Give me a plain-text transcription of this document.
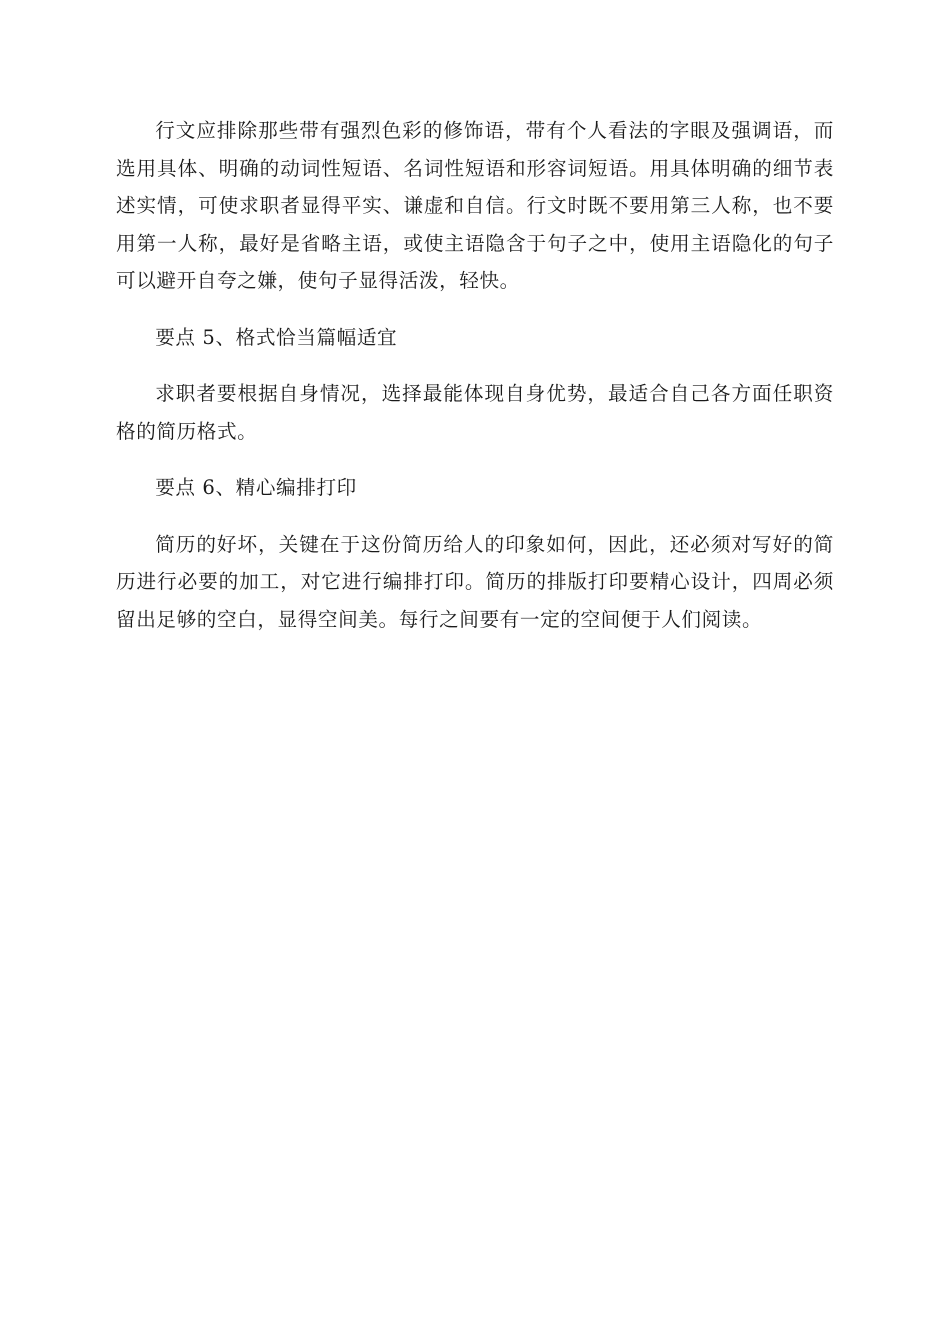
行文应排除那些带有强烈色彩的修饰语，带有个人看法的字眼及强调语，而选用具体、明确的动词性短语、名词性短语和形容词短语。用具体明确的细节表述实情，可使求职者显得平实、谦虚和自信。行文时既不要用第三人称，也不要用第一人称，最好是省略主语，或使主语隐含于句子之中，使用主语隐化的句子可以避开自夸之嫌，使句子显得活泼，轻快。

要点 5、格式恰当篇幅适宜

求职者要根据自身情况，选择最能体现自身优势，最适合自己各方面任职资格的简历格式。

要点 6、精心编排打印

简历的好坏，关键在于这份简历给人的印象如何，因此，还必须对写好的简历进行必要的加工，对它进行编排打印。简历的排版打印要精心设计，四周必须留出足够的空白，显得空间美。每行之间要有一定的空间便于人们阅读。
